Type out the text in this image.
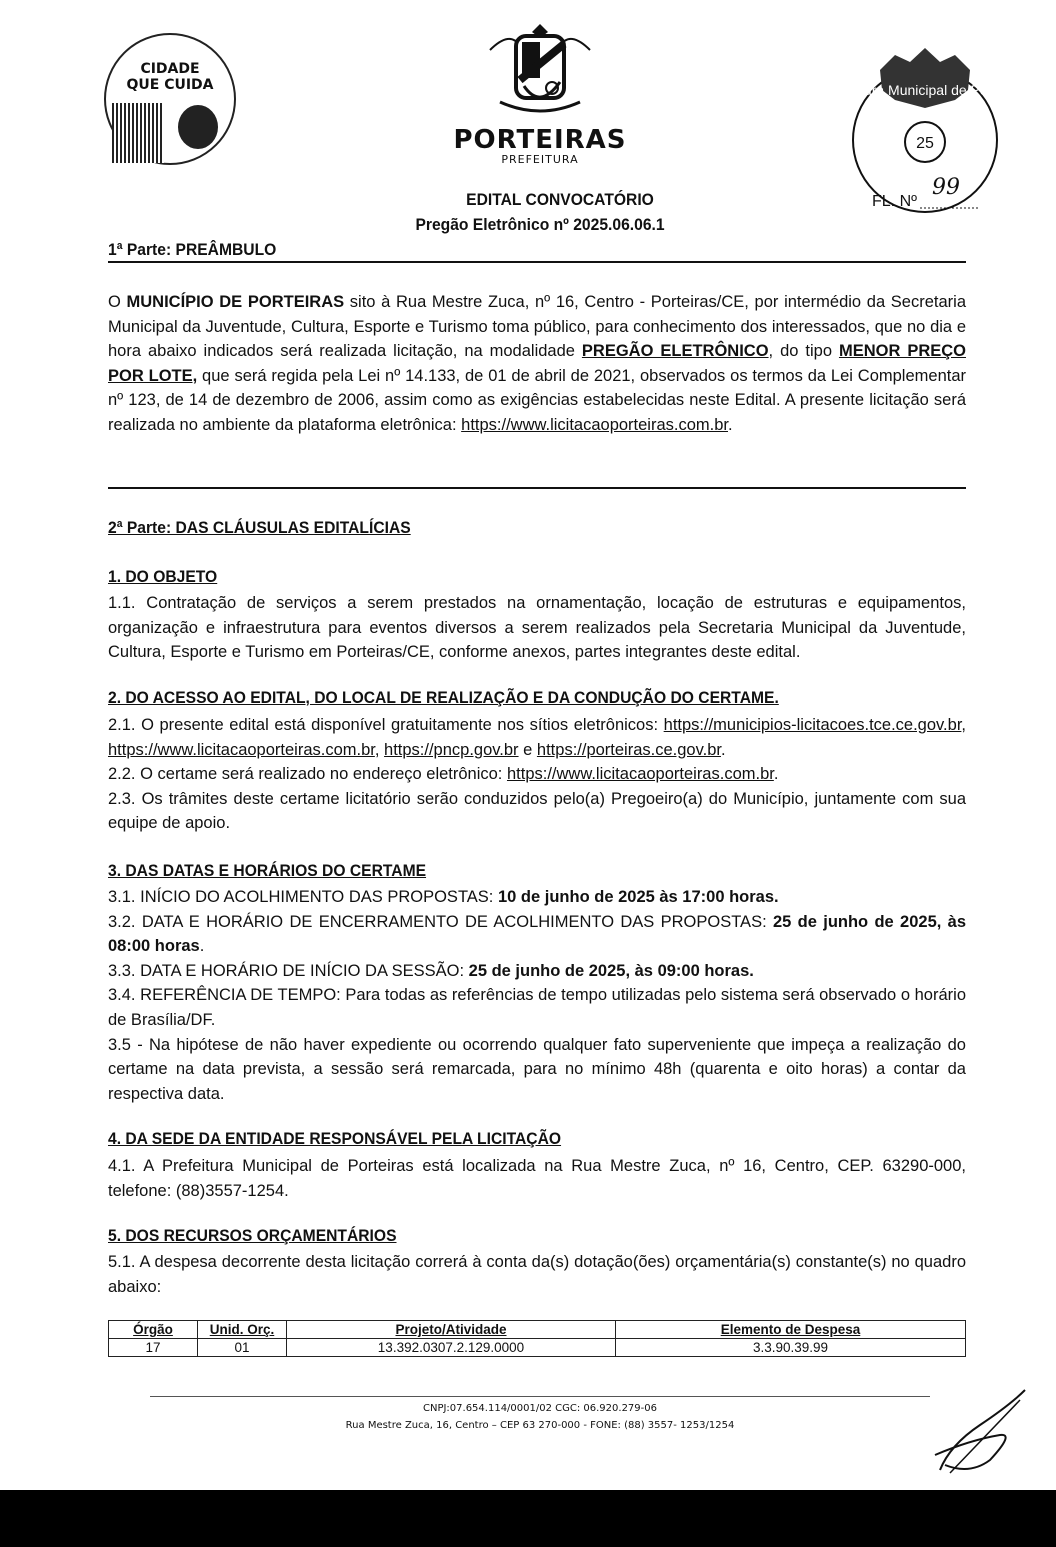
CIDADE
QUE CUIDA
PORTEIRAS
PREFEITURA
Prefeitura Municipal de Porteiras
25
FL. Nº
99
EDITAL CONVOCATÓRIO
Pregão Eletrônico nº 2025.06.06.1
1ª Parte: PREÂMBULO

O MUNICÍPIO DE PORTEIRAS sito à Rua Mestre Zuca, nº 16, Centro - Porteiras/CE, por intermédio da Secretaria Municipal da Juventude, Cultura, Esporte e Turismo toma público, para conhecimento dos interessados, que no dia e hora abaixo indicados será realizada licitação, na modalidade PREGÃO ELETRÔNICO, do tipo MENOR PREÇO POR LOTE, que será regida pela Lei nº 14.133, de 01 de abril de 2021, observados os termos da Lei Complementar nº 123, de 14 de dezembro de 2006, assim como as exigências estabelecidas neste Edital. A presente licitação será realizada no ambiente da plataforma eletrônica: https://www.licitacaoporteiras.com.br.

2ª Parte: DAS CLÁUSULAS EDITALÍCIAS
1. DO OBJETO

1.1. Contratação de serviços a serem prestados na ornamentação, locação de estruturas e equipamentos, organização e infraestrutura para eventos diversos a serem realizados pela Secretaria Municipal da Juventude, Cultura, Esporte e Turismo em Porteiras/CE, conforme anexos, partes integrantes deste edital.

2. DO ACESSO AO EDITAL, DO LOCAL DE REALIZAÇÃO E DA CONDUÇÃO DO CERTAME.

2.1. O presente edital está disponível gratuitamente nos sítios eletrônicos: https://municipios-licitacoes.tce.ce.gov.br, https://www.licitacaoporteiras.com.br, https://pncp.gov.br e https://porteiras.ce.gov.br.

2.2. O certame será realizado no endereço eletrônico: https://www.licitacaoporteiras.com.br.

2.3. Os trâmites deste certame licitatório serão conduzidos pelo(a) Pregoeiro(a) do Município, juntamente com sua equipe de apoio.

3. DAS DATAS E HORÁRIOS DO CERTAME

3.1. INÍCIO DO ACOLHIMENTO DAS PROPOSTAS: 10 de junho de 2025 às 17:00 horas.

3.2. DATA E HORÁRIO DE ENCERRAMENTO DE ACOLHIMENTO DAS PROPOSTAS: 25 de junho de 2025, às 08:00 horas.

3.3. DATA E HORÁRIO DE INÍCIO DA SESSÃO: 25 de junho de 2025, às 09:00 horas.

3.4. REFERÊNCIA DE TEMPO: Para todas as referências de tempo utilizadas pelo sistema será observado o horário de Brasília/DF.

3.5 - Na hipótese de não haver expediente ou ocorrendo qualquer fato superveniente que impeça a realização do certame na data prevista, a sessão será remarcada, para no mínimo 48h (quarenta e oito horas) a contar da respectiva data.

4. DA SEDE DA ENTIDADE RESPONSÁVEL PELA LICITAÇÃO

4.1. A Prefeitura Municipal de Porteiras está localizada na Rua Mestre Zuca, nº 16, Centro, CEP. 63290-000, telefone: (88)3557-1254.

5. DOS RECURSOS ORÇAMENTÁRIOS

5.1. A despesa decorrente desta licitação correrá à conta da(s) dotação(ões) orçamentária(s) constante(s) no quadro abaixo:

Órgão	Unid. Orç.	Projeto/Atividade	Elemento de Despesa
17	01	13.392.0307.2.129.0000	3.3.90.39.99
CNPJ:07.654.114/0001/02 CGC: 06.920.279-06
Rua Mestre Zuca, 16, Centro – CEP 63 270-000 - FONE: (88) 3557- 1253/1254
